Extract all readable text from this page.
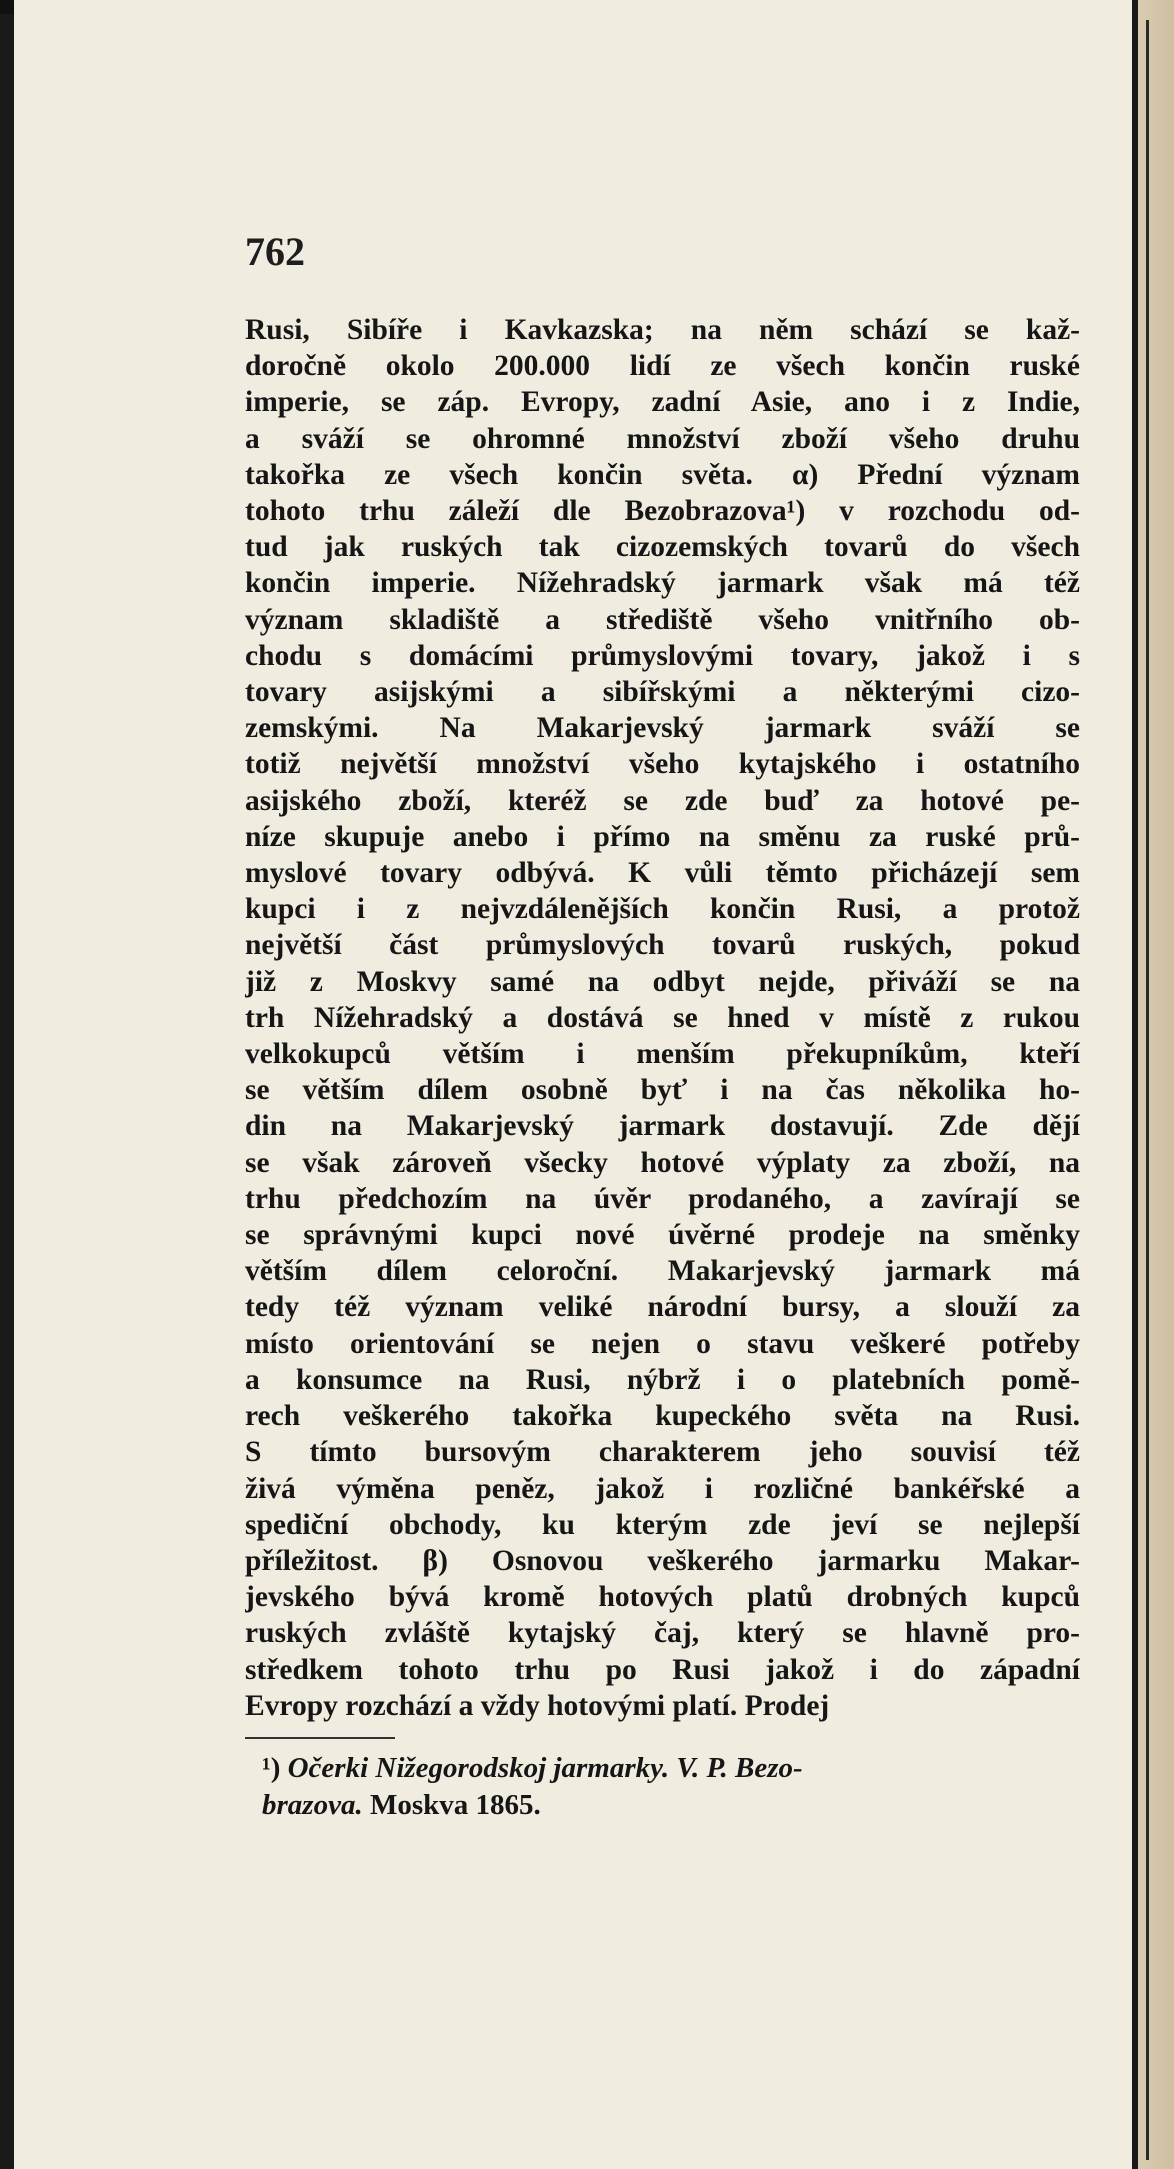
762
Rusi, Sibíře i Kavkazska; na něm schází se kaž-
doročně okolo 200.000 lidí ze všech končin ruské
imperie, se záp. Evropy, zadní Asie, ano i z Indie,
a sváží se ohromné množství zboží všeho druhu
takořka ze všech končin světa. α) Přední význam
tohoto trhu záleží dle Bezobrazova¹) v rozchodu od-
tud jak ruských tak cizozemských tovarů do všech
končin imperie. Nížehradský jarmark však má též
význam skladiště a střediště všeho vnitřního ob-
chodu s domácími průmyslovými tovary, jakož i s
tovary asijskými a sibířskými a některými cizo-
zemskými. Na Makarjevský jarmark sváží se
totiž největší množství všeho kytajského i ostatního
asijského zboží, kteréž se zde buď za hotové pe-
níze skupuje anebo i přímo na směnu za ruské prů-
myslové tovary odbývá. K vůli těmto přicházejí sem
kupci i z nejvzdálenějších končin Rusi, a protož
největší část průmyslových tovarů ruských, pokud
již z Moskvy samé na odbyt nejde, přiváží se na
trh Nížehradský a dostává se hned v místě z rukou
velkokupců větším i menším překupníkům, kteří
se větším dílem osobně byť i na čas několika ho-
din na Makarjevský jarmark dostavují. Zde dějí
se však zároveň všecky hotové výplaty za zboží, na
trhu předchozím na úvěr prodaného, a zavírají se
se správnými kupci nové úvěrné prodeje na směnky
větším dílem celoroční. Makarjevský jarmark má
tedy též význam veliké národní bursy, a slouží za
místo orientování se nejen o stavu veškeré potřeby
a konsumce na Rusi, nýbrž i o platebních pomě-
rech veškerého takořka kupeckého světa na Rusi.
S tímto bursovým charakterem jeho souvisí též
živá výměna peněz, jakož i rozličné bankéřské a
spediční obchody, ku kterým zde jeví se nejlepší
příležitost. β) Osnovou veškerého jarmarku Makar-
jevského bývá kromě hotových platů drobných kupců
ruských zvláště kytajský čaj, který se hlavně pro-
středkem tohoto trhu po Rusi jakož i do západní
Evropy rozchází a vždy hotovými platí. Prodej
¹) Očerki Nižegorodskoj jarmarky. V. P. Bezo-
brazova. Moskva 1865.
